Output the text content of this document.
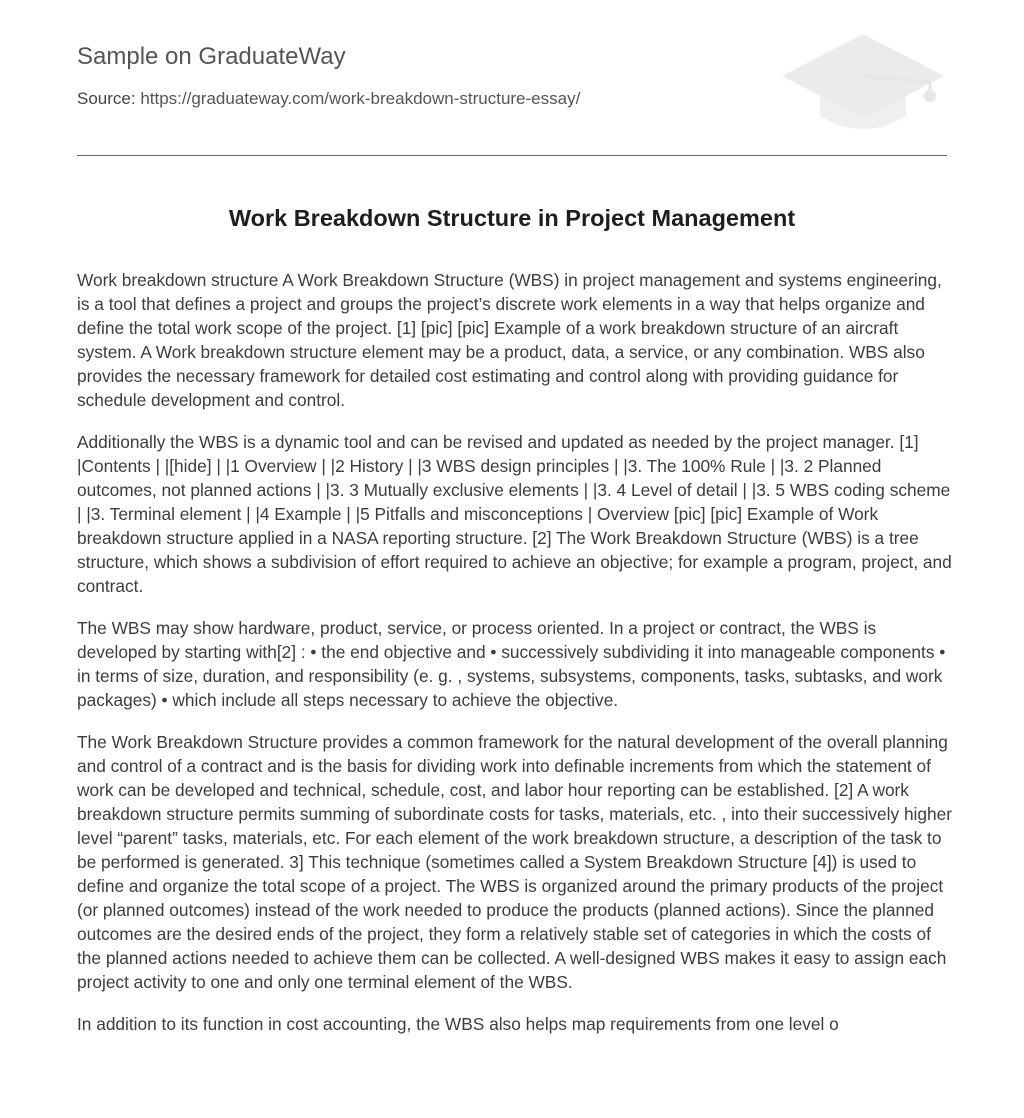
Sample on GraduateWay
Source: https://graduateway.com/work-breakdown-structure-essay/
Work Breakdown Structure in Project Management

Work breakdown structure A Work Breakdown Structure (WBS) in project management and systems engineering, is a tool that defines a project and groups the project’s discrete work elements in a way that helps organize and define the total work scope of the project. [1] [pic] [pic] Example of a work breakdown structure of an aircraft system. A Work breakdown structure element may be a product, data, a service, or any combination. WBS also provides the necessary framework for detailed cost estimating and control along with providing guidance for schedule development and control.

Additionally the WBS is a dynamic tool and can be revised and updated as needed by the project manager. [1] |Contents | |[hide] | |1 Overview | |2 History | |3 WBS design principles | |3. The 100% Rule | |3. 2 Planned outcomes, not planned actions | |3. 3 Mutually exclusive elements | |3. 4 Level of detail | |3. 5 WBS coding scheme | |3. Terminal element | |4 Example | |5 Pitfalls and misconceptions | Overview [pic] [pic] Example of Work breakdown structure applied in a NASA reporting structure. [2] The Work Breakdown Structure (WBS) is a tree structure, which shows a subdivision of effort required to achieve an objective; for example a program, project, and contract.

The WBS may show hardware, product, service, or process oriented. In a project or contract, the WBS is developed by starting with[2] : • the end objective and • successively subdividing it into manageable components • in terms of size, duration, and responsibility (e. g. , systems, subsystems, components, tasks, subtasks, and work packages) • which include all steps necessary to achieve the objective.

The Work Breakdown Structure provides a common framework for the natural development of the overall planning and control of a contract and is the basis for dividing work into definable increments from which the statement of work can be developed and technical, schedule, cost, and labor hour reporting can be established. [2] A work breakdown structure permits summing of subordinate costs for tasks, materials, etc. , into their successively higher level “parent” tasks, materials, etc. For each element of the work breakdown structure, a description of the task to be performed is generated. 3] This technique (sometimes called a System Breakdown Structure [4]) is used to define and organize the total scope of a project. The WBS is organized around the primary products of the project (or planned outcomes) instead of the work needed to produce the products (planned actions). Since the planned outcomes are the desired ends of the project, they form a relatively stable set of categories in which the costs of the planned actions needed to achieve them can be collected. A well-designed WBS makes it easy to assign each project activity to one and only one terminal element of the WBS.

In addition to its function in cost accounting, the WBS also helps map requirements from one level o
